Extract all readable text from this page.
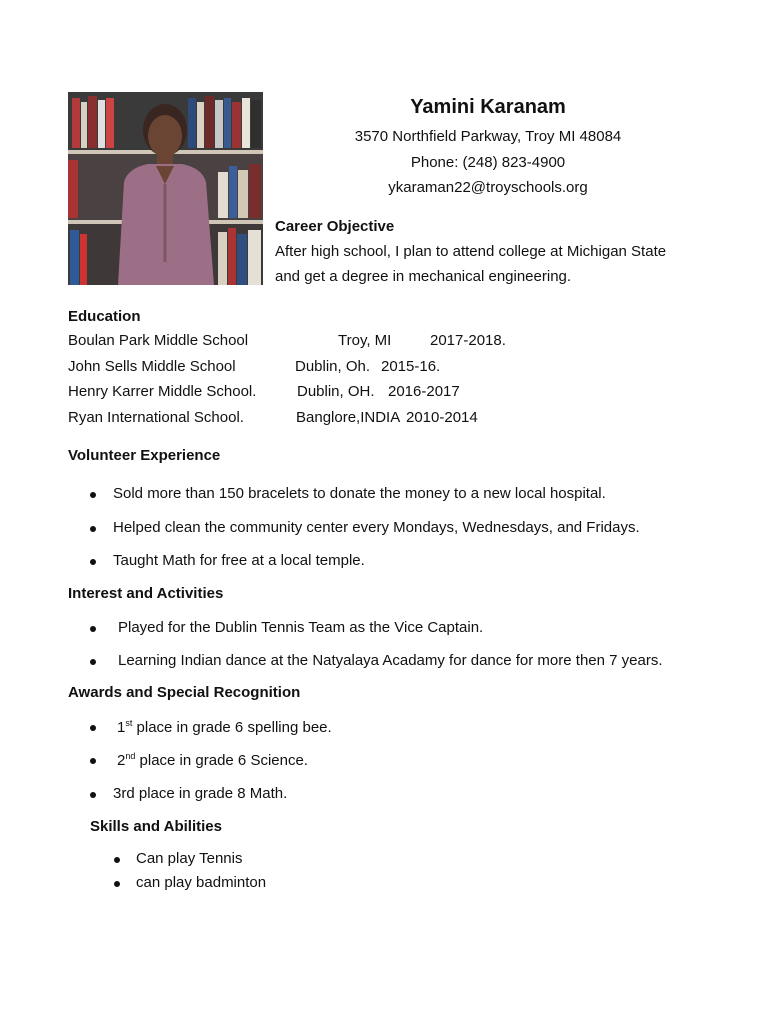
Yamini Karanam
3570 Northfield Parkway, Troy MI 48084
Phone: (248) 823-4900
ykaraman22@troyschools.org
Career Objective
After high school, I plan to attend college at Michigan State
and get a degree in mechanical engineering.
Education
Boulan Park Middle School	Troy, MI	2017-2018.
John Sells Middle School	Dublin, Oh. 2015-16.
Henry Karrer Middle School.	Dublin, OH. 2016-2017
Ryan International School.	Banglore,INDIA 2010-2014
Volunteer Experience
Sold more than 150 bracelets to donate the money to a new local hospital.
Helped clean the community center every Mondays, Wednesdays, and Fridays.
Taught Math for free at a local temple.
Interest and Activities
Played for the Dublin Tennis Team as the Vice Captain.
Learning Indian dance at the Natyalaya Acadamy for dance for more then 7 years.
Awards and Special Recognition
1st place in grade 6 spelling bee.
2nd place in grade 6 Science.
3rd place in grade 8 Math.
Skills and Abilities
Can play Tennis
can play badminton
